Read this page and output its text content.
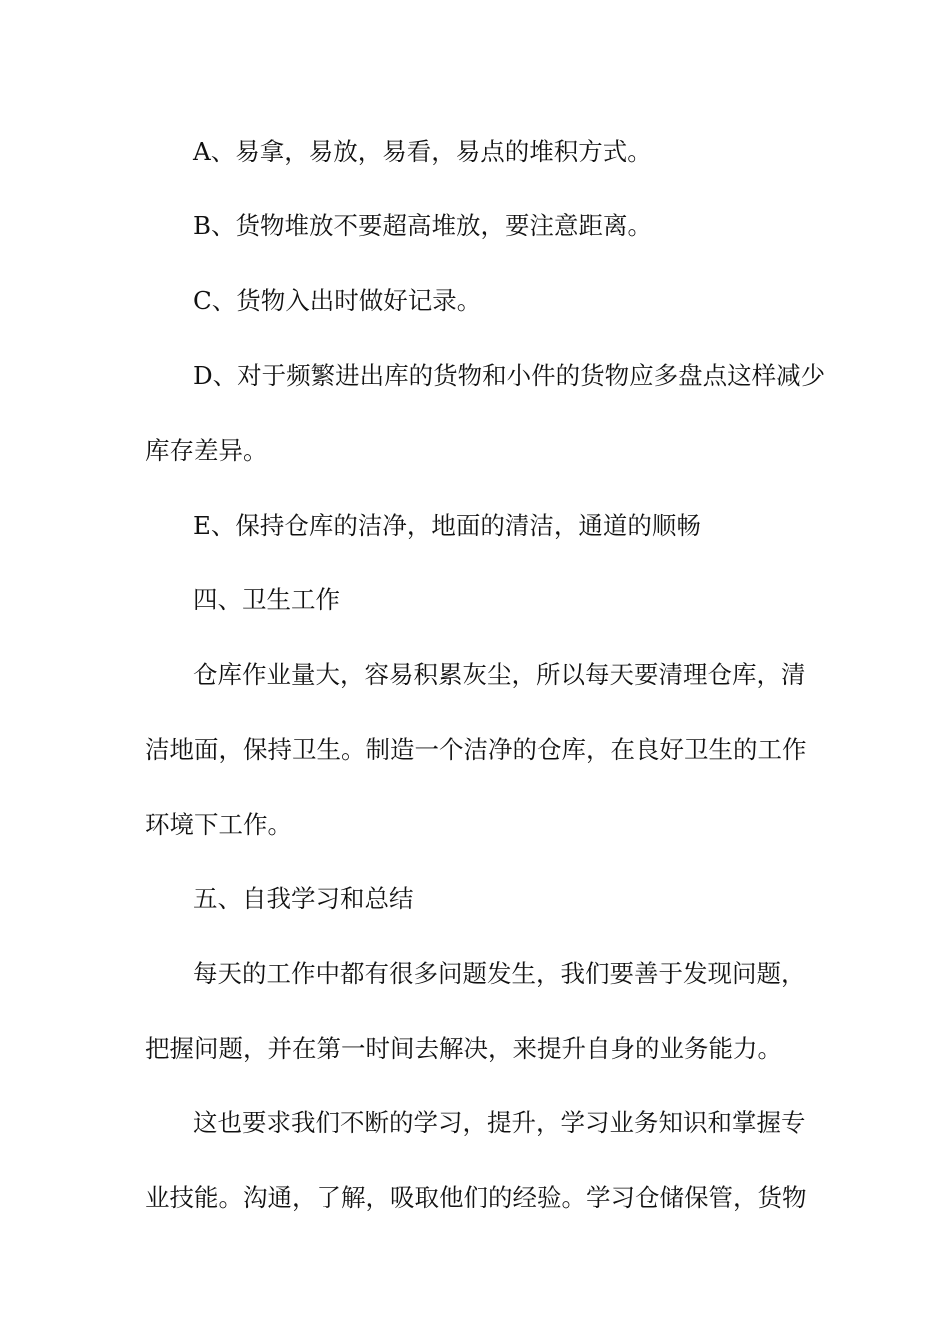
A、易拿，易放，易看，易点的堆积方式。
B、货物堆放不要超高堆放，要注意距离。
C、货物入出时做好记录。
D、对于频繁进出库的货物和小件的货物应多盘点这样减少
库存差异。
E、保持仓库的洁净，地面的清洁，通道的顺畅
四、卫生工作
仓库作业量大，容易积累灰尘，所以每天要清理仓库，清
洁地面，保持卫生。制造一个洁净的仓库，在良好卫生的工作
环境下工作。
五、自我学习和总结
每天的工作中都有很多问题发生，我们要善于发现问题，
把握问题，并在第一时间去解决，来提升自身的业务能力。
这也要求我们不断的学习，提升，学习业务知识和掌握专
业技能。沟通，了解，吸取他们的经验。学习仓储保管，货物
